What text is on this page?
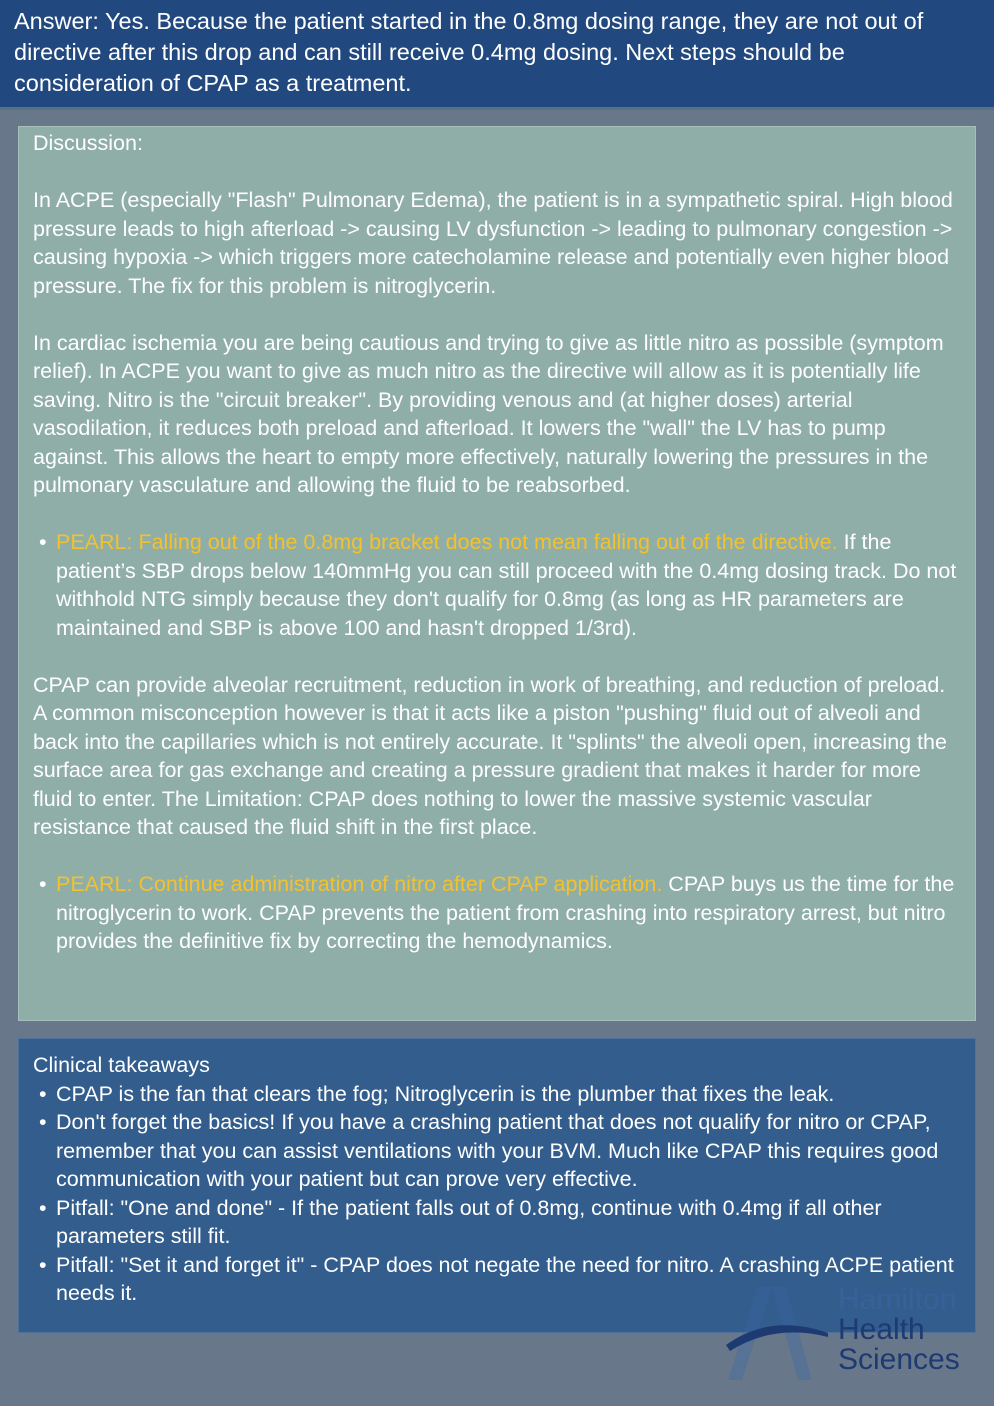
Answer: Yes. Because the patient started in the 0.8mg dosing range, they are not out of directive after this drop and can still receive 0.4mg dosing. Next steps should be consideration of CPAP as a treatment.

Discussion:

In ACPE (especially "Flash" Pulmonary Edema), the patient is in a sympathetic spiral. High blood pressure leads to high afterload -> causing LV dysfunction -> leading to pulmonary congestion -> causing hypoxia -> which triggers more catecholamine release and potentially even higher blood pressure. The fix for this problem is nitroglycerin.

In cardiac ischemia you are being cautious and trying to give as little nitro as possible (symptom relief). In ACPE you want to give as much nitro as the directive will allow as it is potentially life saving. Nitro is the "circuit breaker". By providing venous and (at higher doses) arterial vasodilation, it reduces both preload and afterload. It lowers the "wall" the LV has to pump against. This allows the heart to empty more effectively, naturally lowering the pressures in the pulmonary vasculature and allowing the fluid to be reabsorbed.

• PEARL: Falling out of the 0.8mg bracket does not mean falling out of the directive. If the patient’s SBP drops below 140mmHg you can still proceed with the 0.4mg dosing track. Do not withhold NTG simply because they don't qualify for 0.8mg (as long as HR parameters are maintained and SBP is above 100 and hasn't dropped 1/3rd).

CPAP can provide alveolar recruitment, reduction in work of breathing, and reduction of preload. A common misconception however is that it acts like a piston "pushing" fluid out of alveoli and back into the capillaries which is not entirely accurate. It "splints" the alveoli open, increasing the surface area for gas exchange and creating a pressure gradient that makes it harder for more fluid to enter. The Limitation: CPAP does nothing to lower the massive systemic vascular resistance that caused the fluid shift in the first place.

• PEARL: Continue administration of nitro after CPAP application. CPAP buys us the time for the nitroglycerin to work. CPAP prevents the patient from crashing into respiratory arrest, but nitro provides the definitive fix by correcting the hemodynamics.
Clinical takeaways
• CPAP is the fan that clears the fog; Nitroglycerin is the plumber that fixes the leak.
• Don't forget the basics! If you have a crashing patient that does not qualify for nitro or CPAP, remember that you can assist ventilations with your BVM. Much like CPAP this requires good communication with your patient but can prove very effective.
• Pitfall: "One and done" - If the patient falls out of 0.8mg, continue with 0.4mg if all other parameters still fit.
• Pitfall: "Set it and forget it" - CPAP does not negate the need for nitro. A crashing ACPE patient needs it.	Hamilton
Health
Sciences
